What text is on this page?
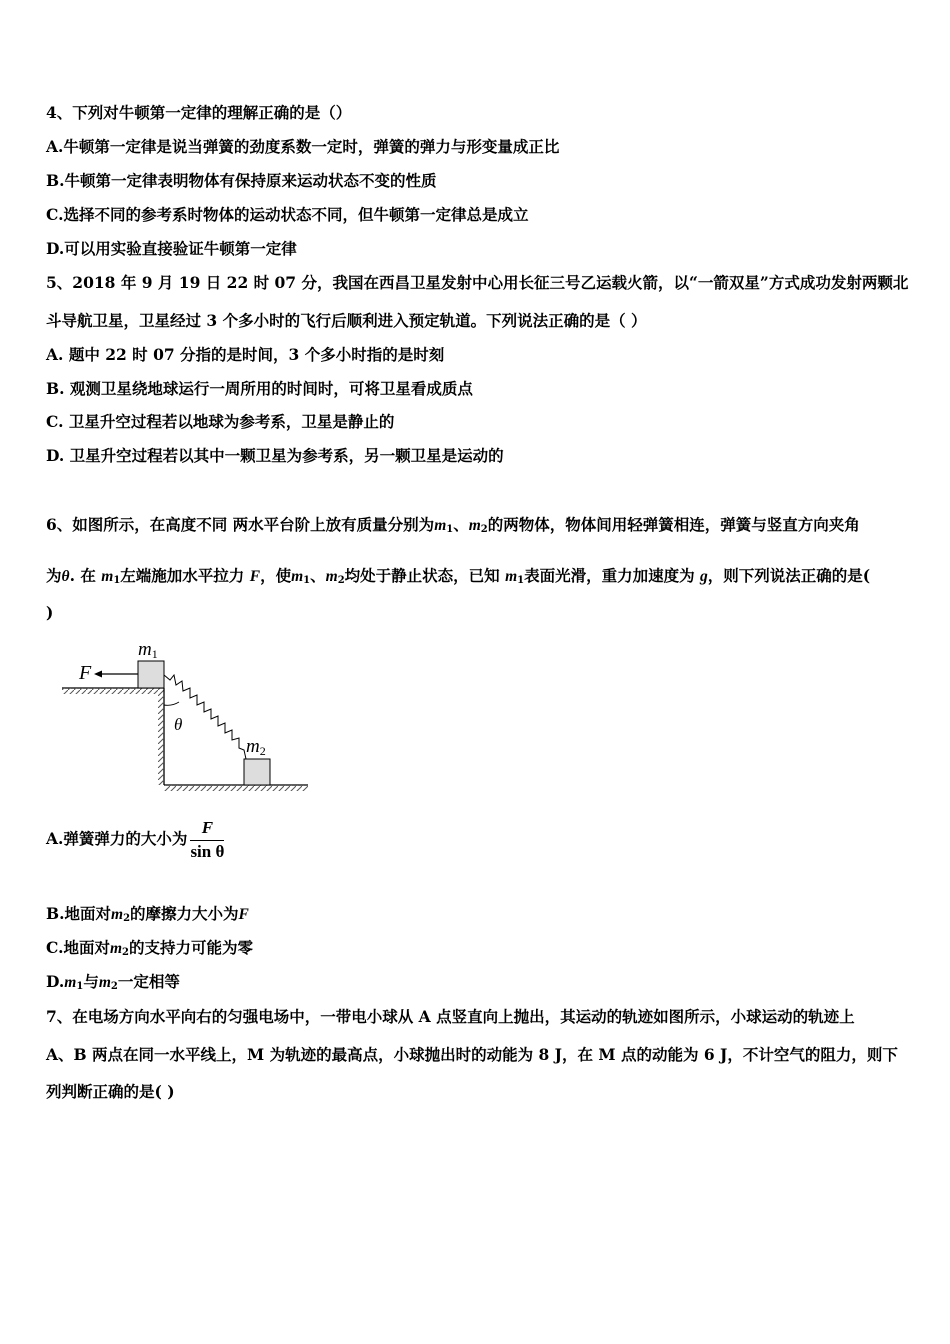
4、下列对牛顿第一定律的理解正确的是（）
A.牛顿第一定律是说当弹簧的劲度系数一定时，弹簧的弹力与形变量成正比
B.牛顿第一定律表明物体有保持原来运动状态不变的性质
C.选择不同的参考系时物体的运动状态不同，但牛顿第一定律总是成立
D.可以用实验直接验证牛顿第一定律
5、2018 年 9 月 19 日 22 时 07 分，我国在西昌卫星发射中心用长征三号乙运载火箭，以“一箭双星”方式成功发射两颗北
斗导航卫星，卫星经过 3 个多小时的飞行后顺利进入预定轨道。下列说法正确的是（ ）
A. 题中 22 时 07 分指的是时间，3 个多小时指的是时刻
B. 观测卫星绕地球运行一周所用的时间时，可将卫星看成质点
C. 卫星升空过程若以地球为参考系，卫星是静止的
D. 卫星升空过程若以其中一颗卫星为参考系，另一颗卫星是运动的
6、如图所示，在高度不同 两水平台阶上放有质量分别为$m_1$、$m_2$的两物体，物体间用轻弹簧相连，弹簧与竖直方向夹角
为θ. 在 $m_1$左端施加水平拉力 F，使$m_1$、$m_2$均处于静止状态，已知 $m_1$表面光滑，重力加速度为 g，则下列说法正确的是(
)
θ
F
m1
m2
A.弹簧弹力的大小为 $\frac{F}{\text{sin θ}}$
B.地面对$m_2$的摩擦力大小为F
C.地面对$m_2$的支持力可能为零
$D.m_1$与$m_2$一定相等
7、在电场方向水平向右的匀强电场中，一带电小球从 A 点竖直向上抛出，其运动的轨迹如图所示，小球运动的轨迹上
A、B 两点在同一水平线上，M 为轨迹的最高点，小球抛出时的动能为 8 J，在 M 点的动能为 6 J，不计空气的阻力，则下
列判断正确的是( )
